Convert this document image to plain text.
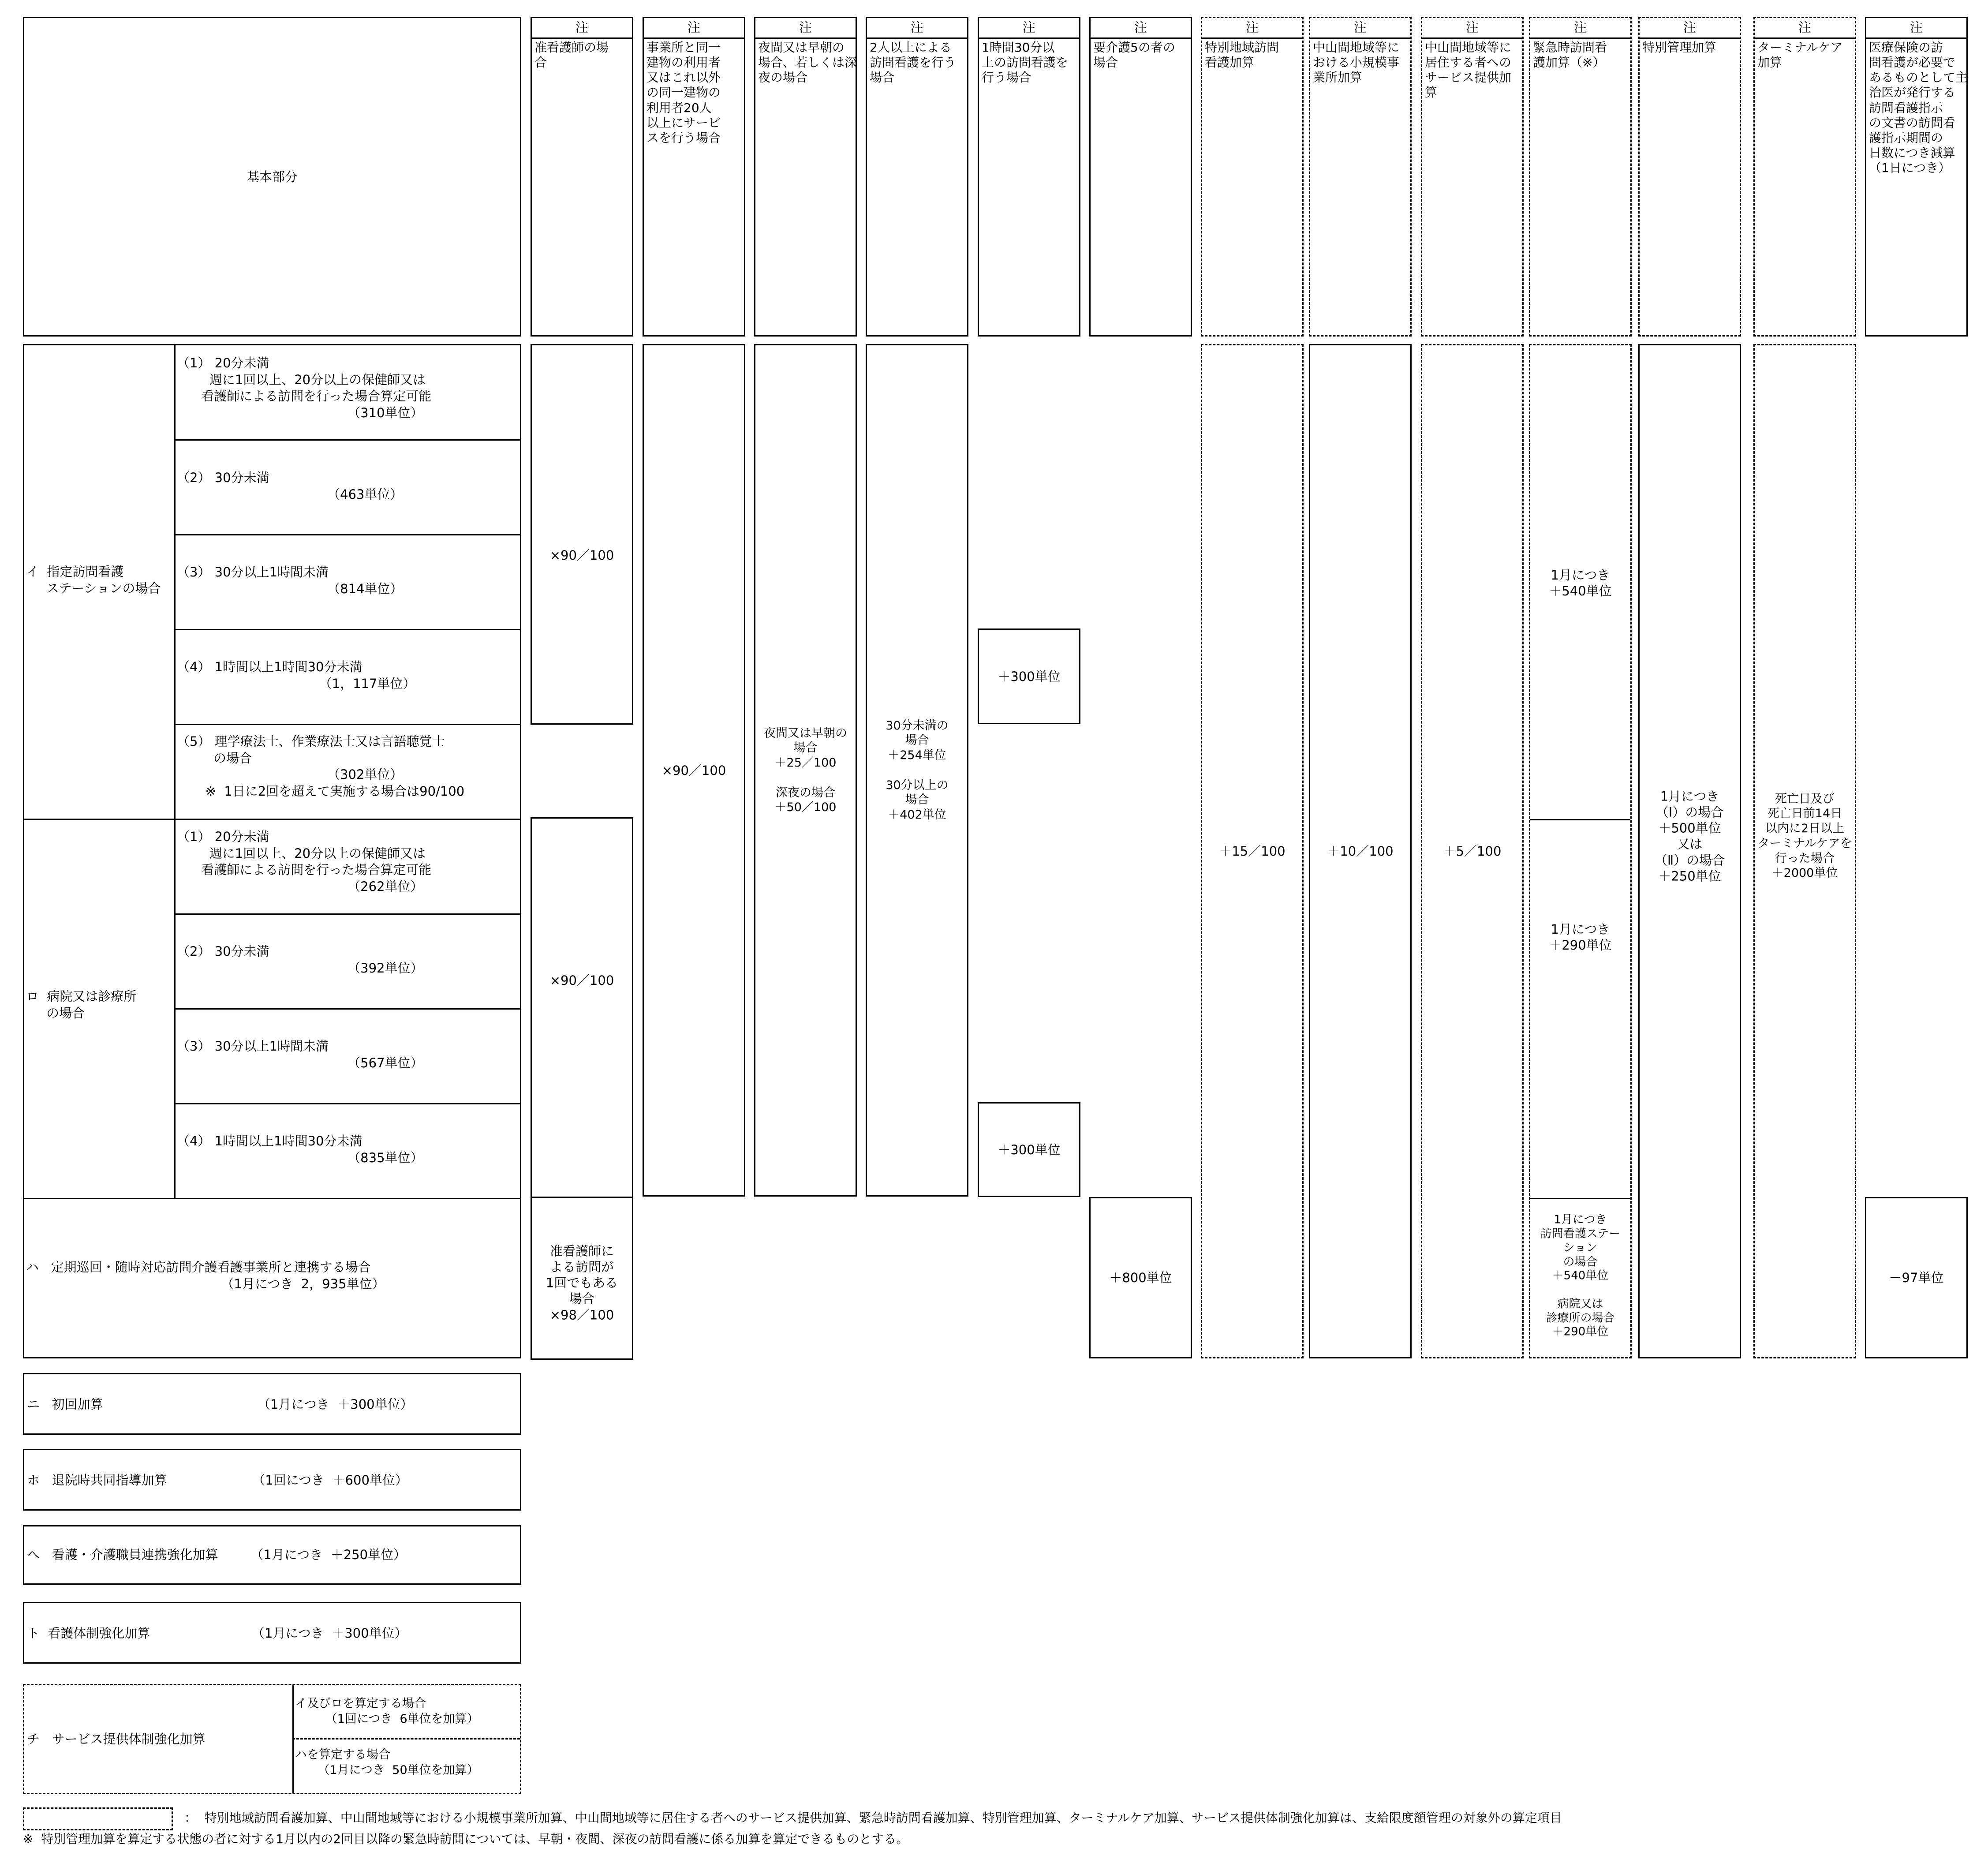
基本部分
注
准看護師の場
合
注
事業所と同一
建物の利用者
又はこれ以外
の同一建物の
利用者20人
以上にサービ
スを行う場合
注
夜間又は早朝の
場合、若しくは深
夜の場合
注
2人以上による
訪問看護を行う
場合
注
1時間30分以
上の訪問看護を
行う場合
注
要介護5の者の
場合
注
特別地域訪問
看護加算
注
中山間地域等に
おける小規模事
業所加算
注
中山間地域等に
居住する者への
サービス提供加
算
注
緊急時訪問看
護加算（※）
注
特別管理加算
注
ターミナルケア
加算
注
医療保険の訪
問看護が必要で
あるものとして主
治医が発行する
訪問看護指示
の文書の訪問看
護指示期間の
日数につき減算
（1日につき）
イ  指定訪問看護
ステーションの場合
（1） 20分未満
週に1回以上、20分以上の保健師又は
看護師による訪問を行った場合算定可能
（310単位）
（2） 30分未満
（463単位）
（3） 30分以上1時間未満
（814単位）
（4） 1時間以上1時間30分未満
（1，117単位）
（5） 理学療法士、作業療法士又は言語聴覚士
の場合
（302単位）
※  1日に2回を超えて実施する場合は90/100
ロ  病院又は診療所
の場合
（1） 20分未満
週に1回以上、20分以上の保健師又は
看護師による訪問を行った場合算定可能
（262単位）
（2） 30分未満
（392単位）
（3） 30分以上1時間未満
（567単位）
（4） 1時間以上1時間30分未満
（835単位）
ハ   定期巡回・随時対応訪問介護看護事業所と連携する場合
（1月につき  2，935単位）
×90／100
×90／100
准看護師に
よる訪問が
1回でもある
場合
×98／100
×90／100
夜間又は早朝の
場合
＋25／100

深夜の場合
＋50／100
30分未満の
場合
＋254単位

30分以上の
場合
＋402単位
＋300単位
＋300単位
＋800単位
＋15／100	＋10／100	＋5／100
1月につき
＋540単位
1月につき
＋290単位
1月につき
訪問看護ステー
ション
の場合
＋540単位

病院又は
診療所の場合
＋290単位
1月につき
（Ⅰ）の場合
＋500単位
又は
（Ⅱ）の場合
＋250単位
死亡日及び
死亡日前14日
以内に2日以上
ターミナルケアを
行った場合
＋2000単位
－97単位
ニ   初回加算                                      （1月につき  ＋300単位）
ホ   退院時共同指導加算                     （1回につき  ＋600単位）
へ   看護・介護職員連携強化加算        （1月につき  ＋250単位）
ト  看護体制強化加算                         （1月につき  ＋300単位）
チ   サービス提供体制強化加算
イ及びロを算定する場合
（1回につき  6単位を加算）
ハを算定する場合
（1月につき  50単位を加算）
：  特別地域訪問看護加算、中山間地域等における小規模事業所加算、中山間地域等に居住する者へのサービス提供加算、緊急時訪問看護加算、特別管理加算、ターミナルケア加算、サービス提供体制強化加算は、支給限度額管理の対象外の算定項目
※  特別管理加算を算定する状態の者に対する1月以内の2回目以降の緊急時訪問については、早朝・夜間、深夜の訪問看護に係る加算を算定できるものとする。
